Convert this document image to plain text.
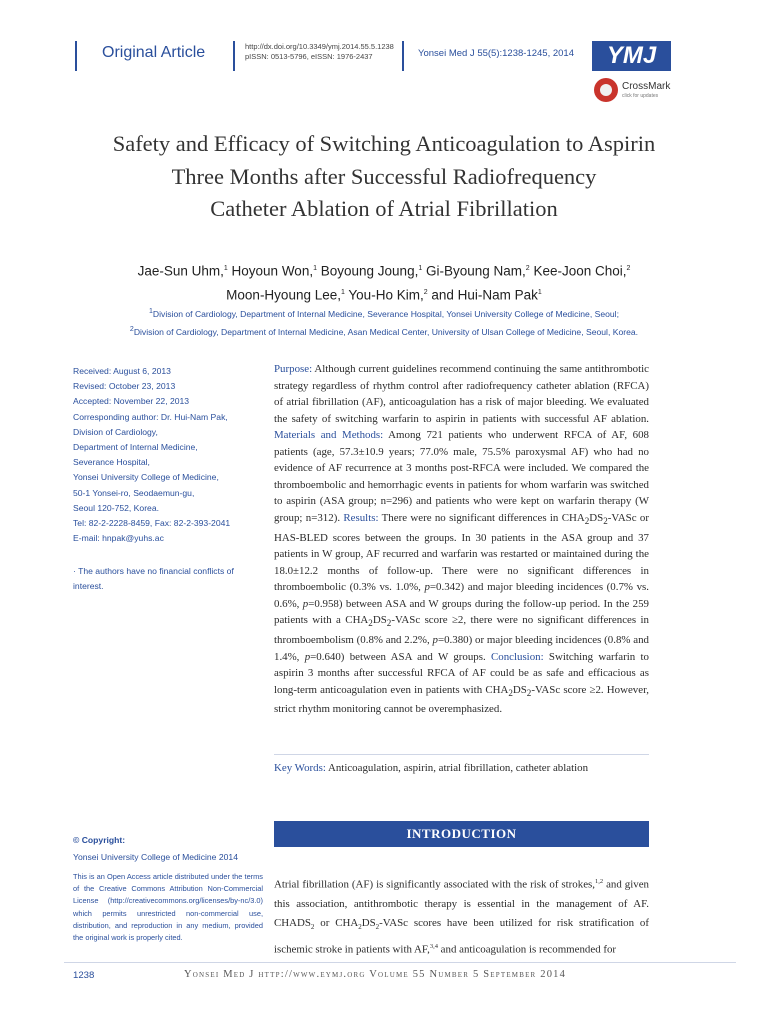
Original Article	http://dx.doi.org/10.3349/ymj.2014.55.5.1238
pISSN: 0513-5796, eISSN: 1976-2437	Yonsei Med J 55(5):1238-1245, 2014	YMJ
CrossMark
click for updates
Safety and Efficacy of Switching Anticoagulation to Aspirin
Three Months after Successful Radiofrequency
Catheter Ablation of Atrial Fibrillation
Jae-Sun Uhm,$^1$ Hoyoun Won,$^1$ Boyoung Joung,$^1$ Gi-Byoung Nam,$^2$ Kee-Joon Choi,$^2$
Moon-Hyoung Lee,$^1$ You-Ho Kim,$^2$ and Hui-Nam Pak$^1$
$^1$Division of Cardiology, Department of Internal Medicine, Severance Hospital, Yonsei University College of Medicine, Seoul;
$^2$Division of Cardiology, Department of Internal Medicine, Asan Medical Center, University of Ulsan College of Medicine, Seoul, Korea.
Received: August 6, 2013
Revised: October 23, 2013
Accepted: November 22, 2013
Corresponding author: Dr. Hui-Nam Pak,
Division of Cardiology,
Department of Internal Medicine,
Severance Hospital,
Yonsei University College of Medicine,
50-1 Yonsei-ro, Seodaemun-gu,
Seoul 120-752, Korea.
Tel: 82-2-2228-8459, Fax: 82-2-393-2041
E-mail: hnpak@yuhs.ac
· The authors have no financial conflicts of interest.
© Copyright:
Yonsei University College of Medicine 2014
This is an Open Access article distributed under the terms of the Creative Commons Attribution Non-Commercial License (http://creativecommons.org/licenses/by-nc/3.0) which permits unrestricted non-commercial use, distribution, and reproduction in any medium, provided the original work is properly cited.
Purpose: Although current guidelines recommend continuing the same antithrombotic strategy regardless of rhythm control after radiofrequency catheter ablation (RFCA) of atrial fibrillation (AF), anticoagulation has a risk of major bleeding. We evaluated the safety of switching warfarin to aspirin in patients with successful AF ablation. Materials and Methods: Among 721 patients who underwent RFCA of AF, 608 patients (age, 57.3±10.9 years; 77.0% male, 75.5% paroxysmal AF) who had no evidence of AF recurrence at 3 months post-RFCA were included. We compared the thromboembolic and hemorrhagic events in patients for whom warfarin was switched to aspirin (ASA group; n=296) and patients who were kept on warfarin therapy (W group; n=312). Results: There were no significant differences in $CHA_2DS_2$-VASc or HAS-BLED scores between the groups. In 30 patients in the ASA group and 37 patients in W group, AF recurred and warfarin was restarted or maintained during the 18.0±12.2 months of follow-up. There were no significant differences in thromboembolic (0.3% vs. 1.0%, p=0.342) and major bleeding incidences (0.7% vs. 0.6%, p=0.958) between ASA and W groups during the follow-up period. In the 259 patients with a $CHA_2DS_2$-VASc score ≥2, there were no significant differences in thromboembolism (0.8% and 2.2%, p=0.380) or major bleeding incidences (0.8% and 1.4%, p=0.640) between ASA and W groups. Conclusion: Switching warfarin to aspirin 3 months after successful RFCA of AF could be as safe and efficacious as long-term anticoagulation even in patients with $CHA_2DS_2$-VASc score ≥2. However, strict rhythm monitoring cannot be overemphasized.
Key Words: Anticoagulation, aspirin, atrial fibrillation, catheter ablation
INTRODUCTION
Atrial fibrillation (AF) is significantly associated with the risk of strokes,$^{1,2}$ and given this association, antithrombotic therapy is essential in the management of AF. $CHADS_2$ or $CHA_2DS_2$-VASc scores have been utilized for risk stratification of ischemic stroke in patients with AF,$^{3,4}$ and anticoagulation is recommended for
1238	Yonsei Med J http://www.eymj.org Volume 55 Number 5 September 2014
